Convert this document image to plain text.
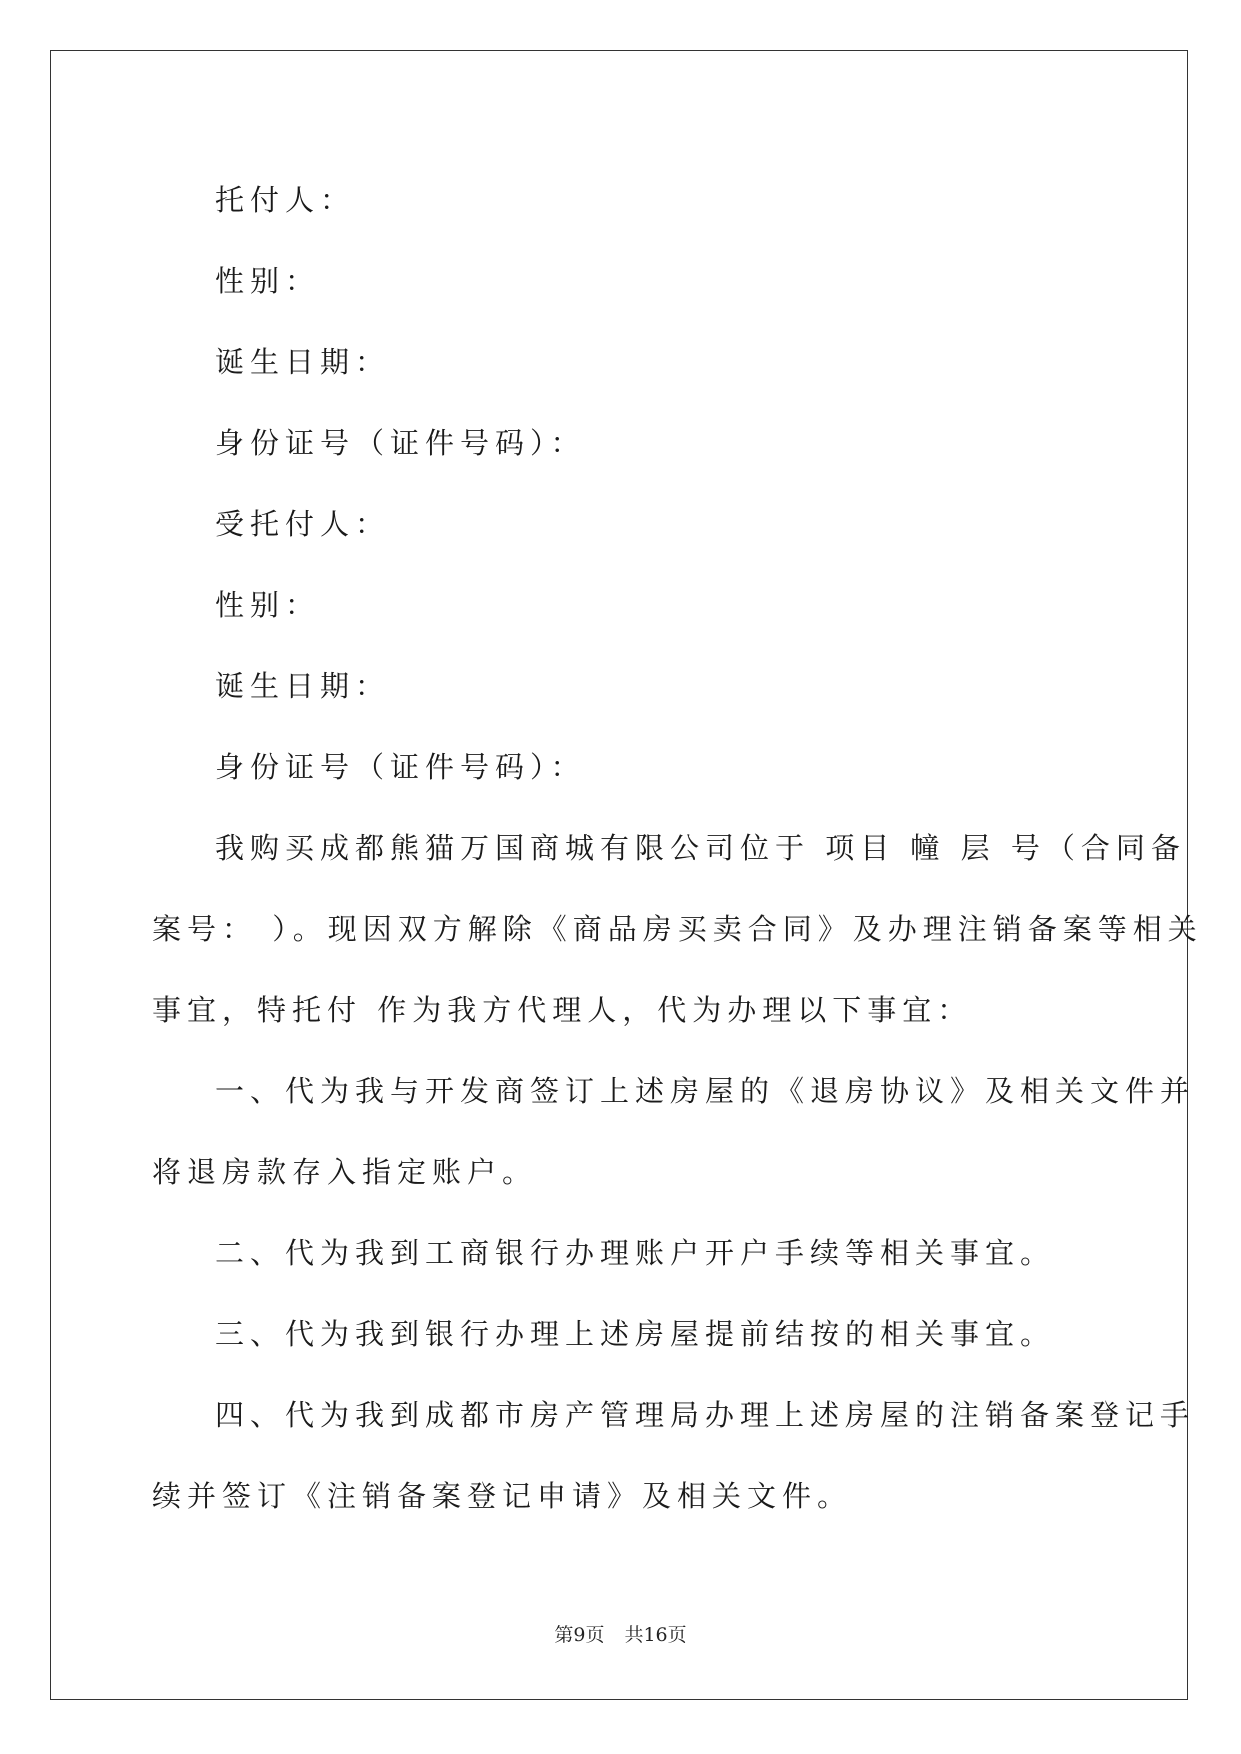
托付人：

性别：

诞生日期：

身份证号（证件号码）：

受托付人：

性别：

诞生日期：

身份证号（证件号码）：

我购买成都熊猫万国商城有限公司位于 项目 幢 层 号（合同备

案号： ）。现因双方解除《商品房买卖合同》及办理注销备案等相关

事宜，特托付 作为我方代理人，代为办理以下事宜：

一、代为我与开发商签订上述房屋的《退房协议》及相关文件并

将退房款存入指定账户。

二、代为我到工商银行办理账户开户手续等相关事宜。

三、代为我到银行办理上述房屋提前结按的相关事宜。

四、代为我到成都市房产管理局办理上述房屋的注销备案登记手

续并签订《注销备案登记申请》及相关文件。

第9页 共16页
